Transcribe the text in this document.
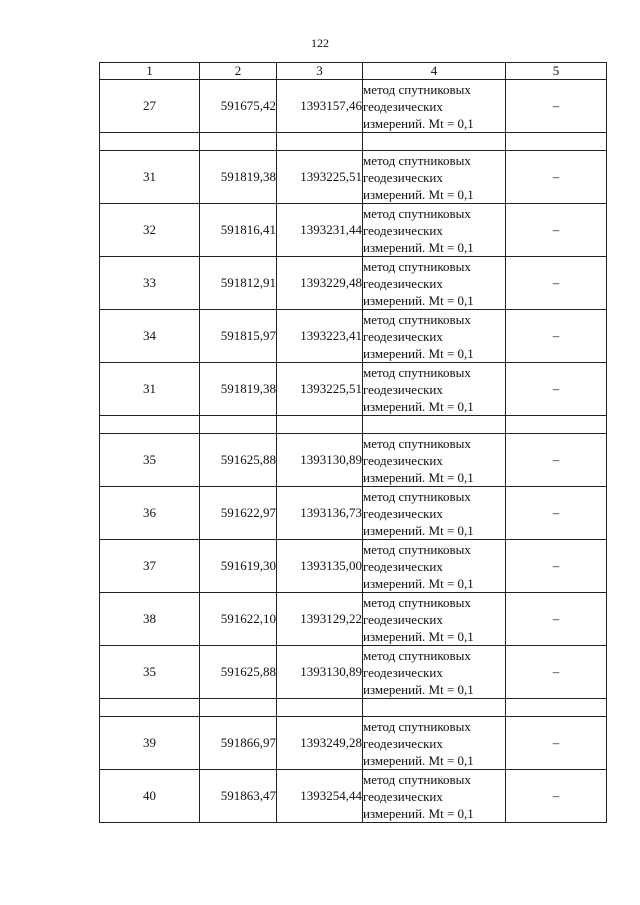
122
1	2	3	4	5
27	591675,42	1393157,46	метод спутниковых
геодезических
измерений. Mt = 0,1	–

31	591819,38	1393225,51	метод спутниковых
геодезических
измерений. Mt = 0,1	–
32	591816,41	1393231,44	метод спутниковых
геодезических
измерений. Mt = 0,1	–
33	591812,91	1393229,48	метод спутниковых
геодезических
измерений. Mt = 0,1	–
34	591815,97	1393223,41	метод спутниковых
геодезических
измерений. Mt = 0,1	–
31	591819,38	1393225,51	метод спутниковых
геодезических
измерений. Mt = 0,1	–

35	591625,88	1393130,89	метод спутниковых
геодезических
измерений. Mt = 0,1	–
36	591622,97	1393136,73	метод спутниковых
геодезических
измерений. Mt = 0,1	–
37	591619,30	1393135,00	метод спутниковых
геодезических
измерений. Mt = 0,1	–
38	591622,10	1393129,22	метод спутниковых
геодезических
измерений. Mt = 0,1	–
35	591625,88	1393130,89	метод спутниковых
геодезических
измерений. Mt = 0,1	–

39	591866,97	1393249,28	метод спутниковых
геодезических
измерений. Mt = 0,1	–
40	591863,47	1393254,44	метод спутниковых
геодезических
измерений. Mt = 0,1	–
